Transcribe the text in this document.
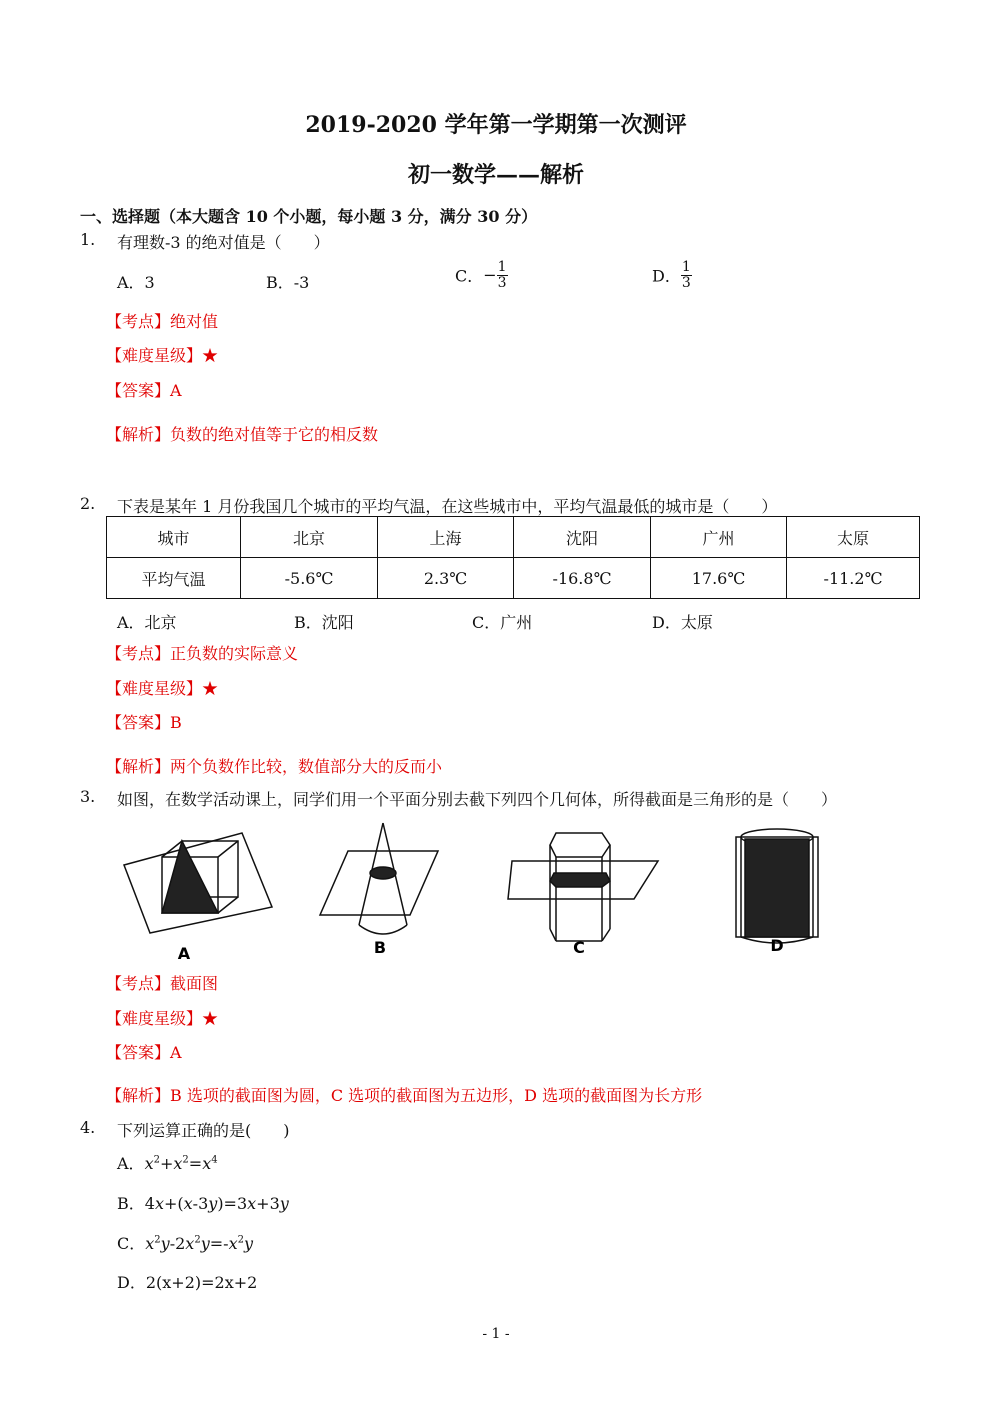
2019-2020 学年第一学期第一次测评
初一数学——解析
一、选择题（本大题含 10 个小题，每小题 3 分，满分 30 分）
1. 有理数-3 的绝对值是（　　）
A．3	B．-3	C．− $\frac{1}{3}$	D． $\frac{1}{3}$
【考点】绝对值
【难度星级】★
【答案】A
【解析】负数的绝对值等于它的相反数
2. 下表是某年 1 月份我国几个城市的平均气温，在这些城市中，平均气温最低的城市是（　　）
城市	北京	上海	沈阳	广州	太原
平均气温	-5.6℃	2.3℃	-16.8℃	17.6℃	-11.2℃
A．北京	B．沈阳	C．广州	D．太原
【考点】正负数的实际意义
【难度星级】★
【答案】B
【解析】两个负数作比较，数值部分大的反而小
3. 如图，在数学活动课上，同学们用一个平面分别去截下列四个几何体，所得截面是三角形的是（　　）
A	B	C	D
【考点】截面图
【难度星级】★
【答案】A
【解析】B 选项的截面图为圆，C 选项的截面图为五边形，D 选项的截面图为长方形
4. 下列运算正确的是(　　)
A．$x^2+x^2=x^4$
B．4x+(x-3y)=3x+3y
C．$x^2y-2x^2y=-x^2y$
D．2(x+2)=2x+2
- 1 -
